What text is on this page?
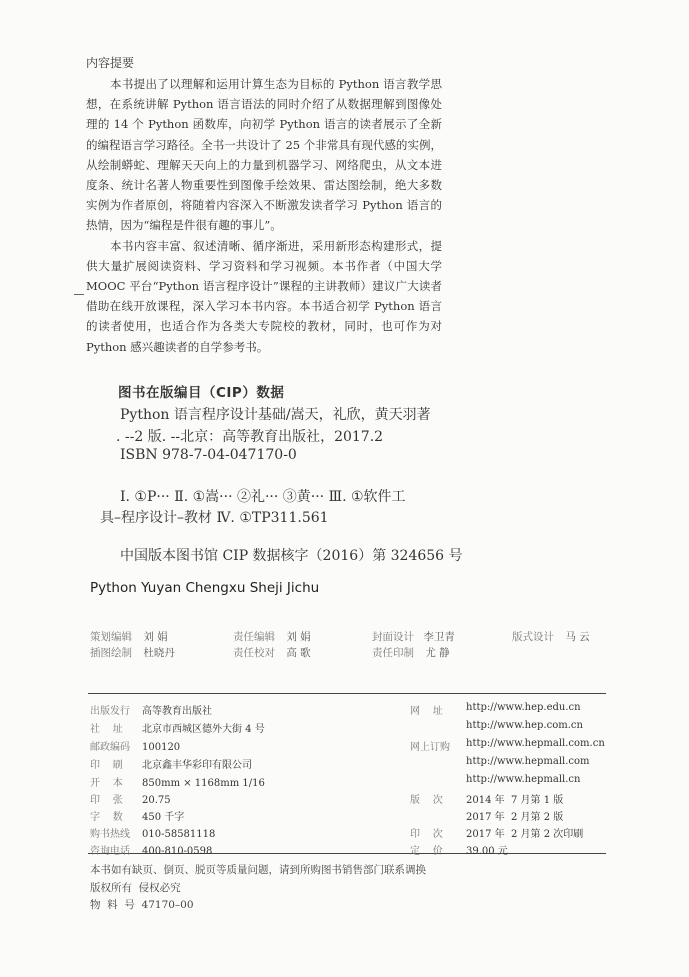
内容提要

本书提出了以理解和运用计算生态为目标的 Python 语言教学思想，在系统讲解 Python 语言语法的同时介绍了从数据理解到图像处理的 14 个 Python 函数库，向初学 Python 语言的读者展示了全新的编程语言学习路径。全书一共设计了 25 个非常具有现代感的实例，从绘制蟒蛇、理解天天向上的力量到机器学习、网络爬虫，从文本进度条、统计名著人物重要性到图像手绘效果、雷达图绘制，绝大多数实例为作者原创，将随着内容深入不断激发读者学习 Python 语言的热情，因为“编程是件很有趣的事儿”。

本书内容丰富、叙述清晰、循序渐进，采用新形态构建形式，提供大量扩展阅读资料、学习资料和学习视频。本书作者（中国大学 MOOC 平台“Python 语言程序设计”课程的主讲教师）建议广大读者借助在线开放课程，深入学习本书内容。本书适合初学 Python 语言的读者使用，也适合作为各类大专院校的教材，同时，也可作为对 Python 感兴趣读者的自学参考书。

图书在版编目（CIP）数据
Python 语言程序设计基础/嵩天，礼欣，黄天羽著
. --2 版. --北京：高等教育出版社，2017.2
ISBN 978-7-04-047170-0
Ⅰ. ①P··· Ⅱ. ①嵩··· ②礼··· ③黄··· Ⅲ. ①软件工
具–程序设计–教材 Ⅳ. ①TP311.561
中国版本图书馆 CIP 数据核字（2016）第 324656 号
Python Yuyan Chengxu Sheji Jichu
策划编辑 刘 娟	责任编辑 刘 娟	封面设计 李卫青	版式设计 马 云
插图绘制 杜晓丹	责任校对 高 歌	责任印制 尤 静
出版发行 高等教育出版社
社    址 北京市西城区德外大街 4 号
邮政编码 100120
印    刷 北京鑫丰华彩印有限公司
开    本 850mm × 1168mm 1/16
印    张 20.75
字    数 450 千字
购书热线 010-58581118
咨询电话 400-810-0598
网    址 http://www.hep.edu.cn
http://www.hep.com.cn
网上订购 http://www.hepmall.com.cn
http://www.hepmall.com
http://www.hepmall.cn
版    次 2014 年  7 月第 1 版
2017 年  2 月第 2 版
印    次 2017 年  2 月第 2 次印刷
定    价 39.00 元
本书如有缺页、倒页、脱页等质量问题，请到所购图书销售部门联系调换
版权所有  侵权必究
物  料  号  47170–00
